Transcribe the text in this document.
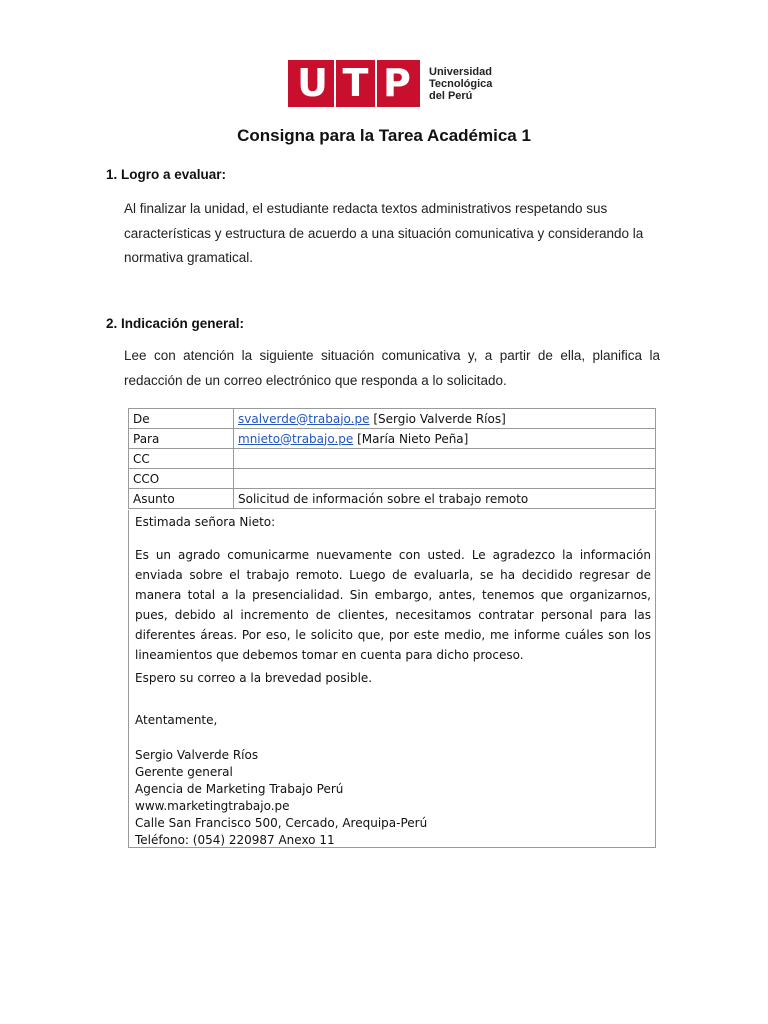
U T P Universidad
Tecnológica
del Perú
Consigna para la Tarea Académica 1
1. Logro a evaluar:

Al finalizar la unidad, el estudiante redacta textos administrativos respetando sus características y estructura de acuerdo a una situación comunicativa y considerando la normativa gramatical.

2. Indicación general:

Lee con atención la siguiente situación comunicativa y, a partir de ella, planifica la redacción de un correo electrónico que responda a lo solicitado.

De	svalverde@trabajo.pe [Sergio Valverde Ríos]
Para	mnieto@trabajo.pe [María Nieto Peña]
CC	
CCO	
Asunto	Solicitud de información sobre el trabajo remoto

Estimada señora Nieto:

Es un agrado comunicarme nuevamente con usted. Le agradezco la información enviada sobre el trabajo remoto. Luego de evaluarla, se ha decidido regresar de manera total a la presencialidad. Sin embargo, antes, tenemos que organizarnos, pues, debido al incremento de clientes, necesitamos contratar personal para las diferentes áreas. Por eso, le solicito que, por este medio, me informe cuáles son los lineamientos que debemos tomar en cuenta para dicho proceso.

Espero su correo a la brevedad posible.

Atentamente,

Sergio Valverde Ríos
Gerente general
Agencia de Marketing Trabajo Perú
www.marketingtrabajo.pe
Calle San Francisco 500, Cercado, Arequipa-Perú
Teléfono: (054) 220987 Anexo 11
